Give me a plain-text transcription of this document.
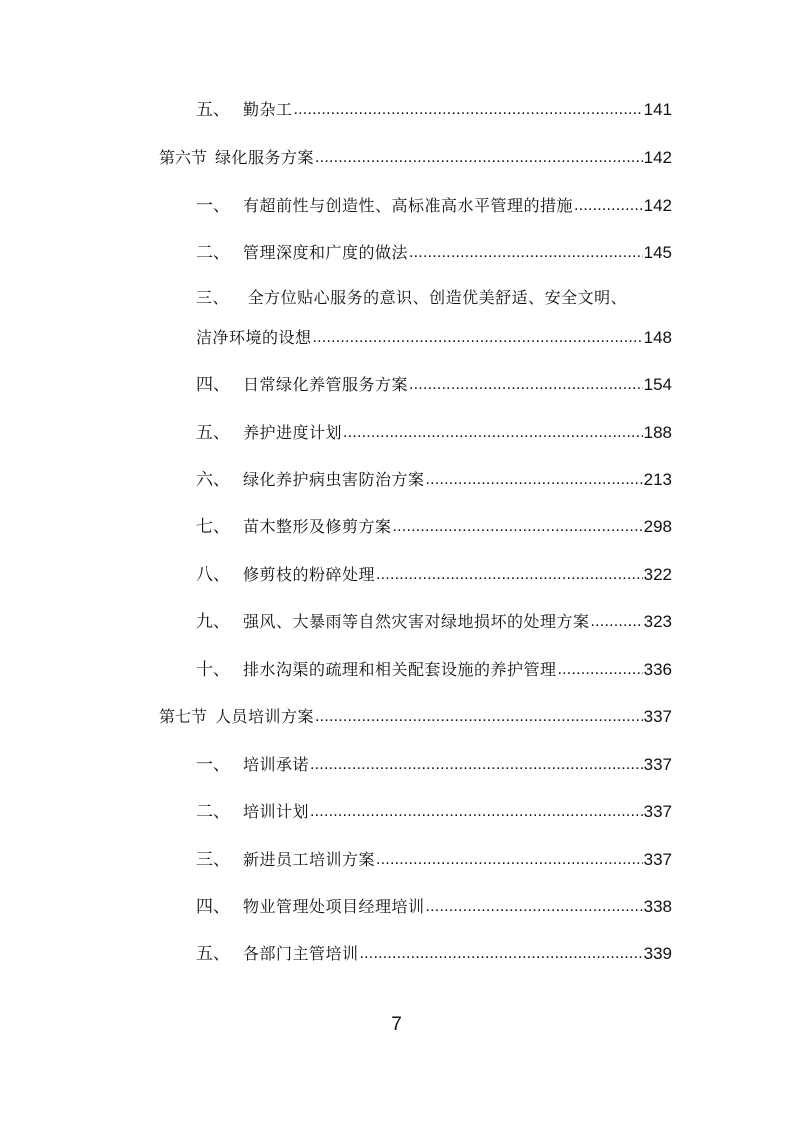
五、 勤杂工 .....	141
第六节 绿化服务方案 .....	142
一、 有超前性与创造性、高标准高水平管理的措施 .....	142
二、 管理深度和广度的做法 .....	145
三、 全方位贴心服务的意识、创造优美舒适、安全文明、
洁净环境的设想 .....	148
四、 日常绿化养管服务方案 .....	154
五、 养护进度计划 .....	188
六、 绿化养护病虫害防治方案 .....	213
七、 苗木整形及修剪方案 .....	298
八、 修剪枝的粉碎处理 .....	322
九、 强风、大暴雨等自然灾害对绿地损坏的处理方案 .....	323
十、 排水沟渠的疏理和相关配套设施的养护管理 .....	336
第七节 人员培训方案 .....	337
一、 培训承诺 .....	337
二、 培训计划 .....	337
三、 新进员工培训方案 .....	337
四、 物业管理处项目经理培训 .....	338
五、 各部门主管培训 .....	339
7
